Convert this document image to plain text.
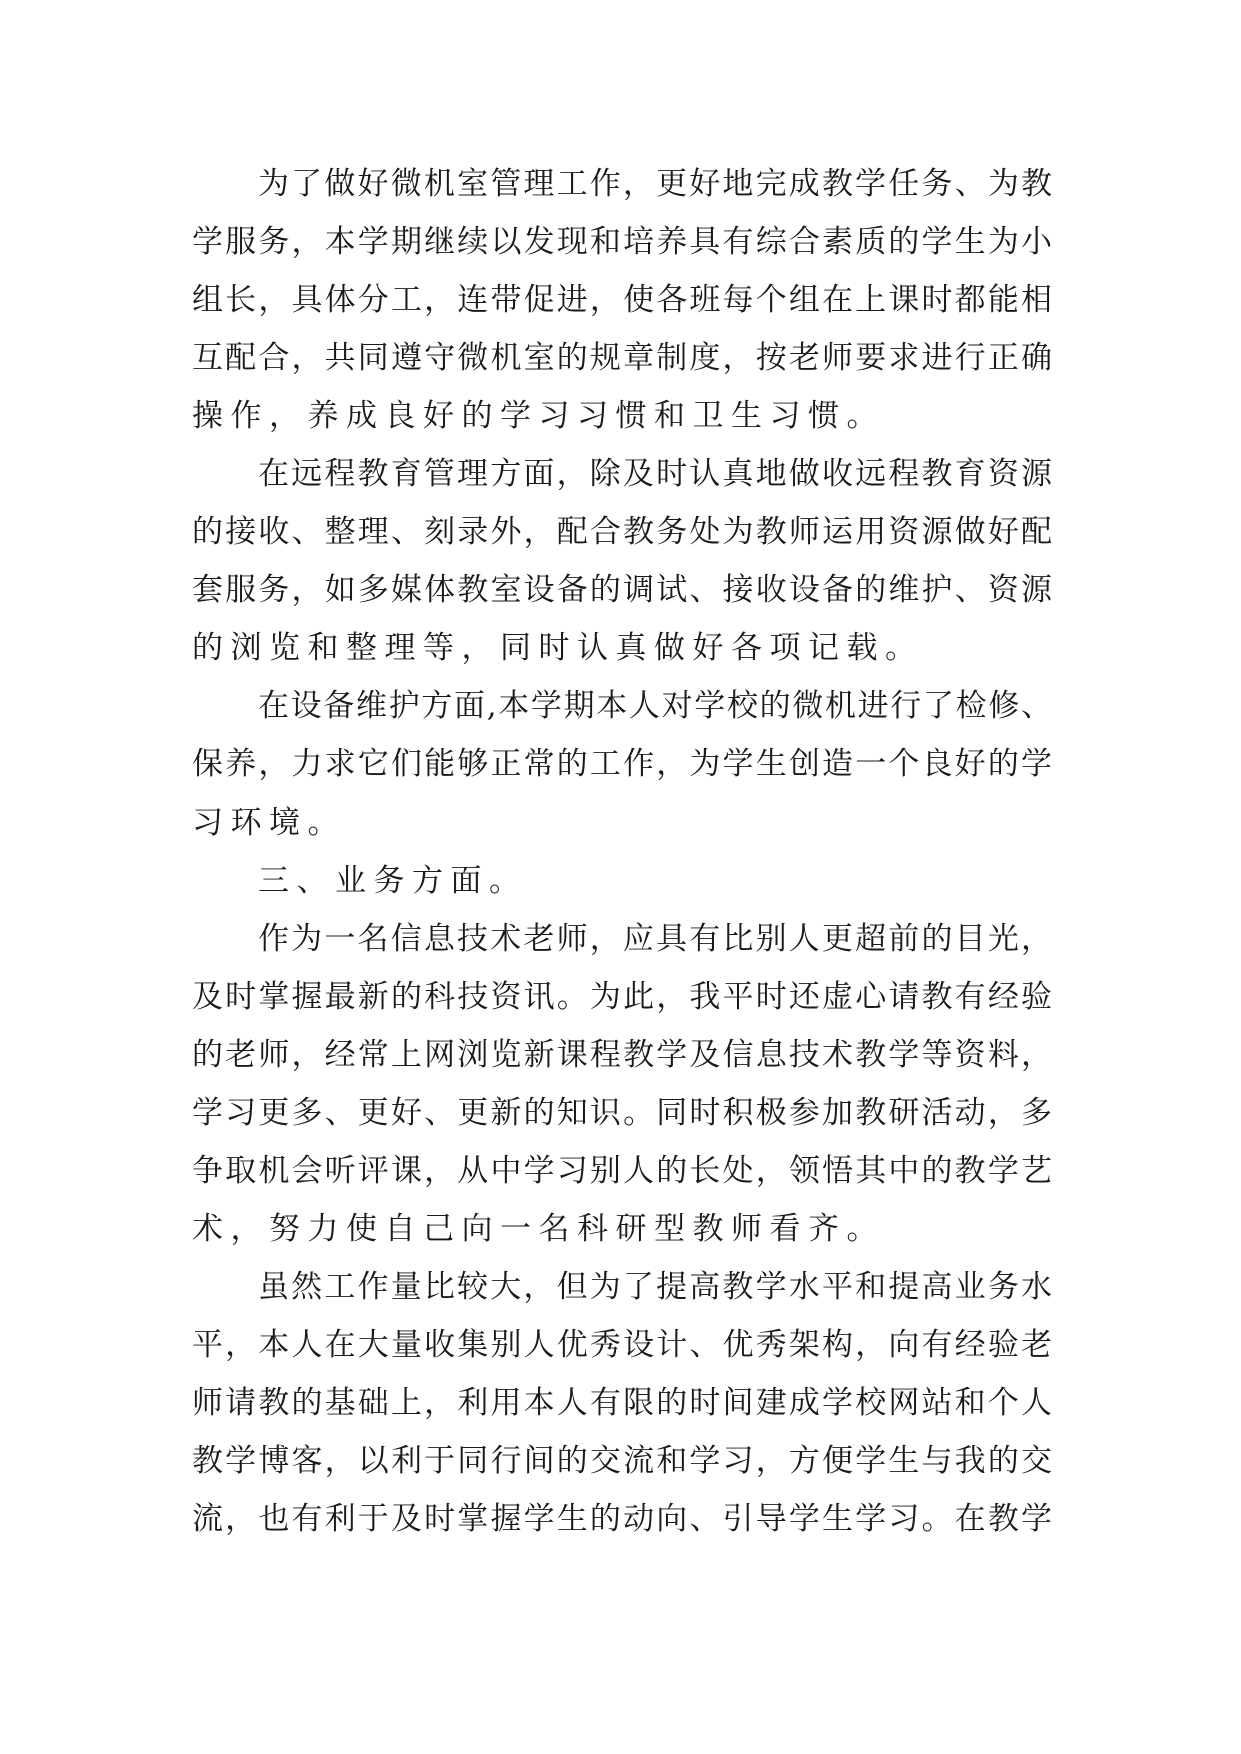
为了做好微机室管理工作，更好地完成教学任务、为教
学服务，本学期继续以发现和培养具有综合素质的学生为小
组长，具体分工，连带促进，使各班每个组在上课时都能相
互配合，共同遵守微机室的规章制度，按老师要求进行正确
操作，养成良好的学习习惯和卫生习惯。
在远程教育管理方面，除及时认真地做收远程教育资源
的接收、整理、刻录外，配合教务处为教师运用资源做好配
套服务，如多媒体教室设备的调试、接收设备的维护、资源
的浏览和整理等，同时认真做好各项记载。
在设备维护方面,本学期本人对学校的微机进行了检修、
保养，力求它们能够正常的工作，为学生创造一个良好的学
习环境。
三、业务方面。
作为一名信息技术老师，应具有比别人更超前的目光，
及时掌握最新的科技资讯。为此，我平时还虚心请教有经验
的老师，经常上网浏览新课程教学及信息技术教学等资料，
学习更多、更好、更新的知识。同时积极参加教研活动，多
争取机会听评课，从中学习别人的长处，领悟其中的教学艺
术，努力使自己向一名科研型教师看齐。
虽然工作量比较大，但为了提高教学水平和提高业务水
平，本人在大量收集别人优秀设计、优秀架构，向有经验老
师请教的基础上，利用本人有限的时间建成学校网站和个人
教学博客，以利于同行间的交流和学习，方便学生与我的交
流，也有利于及时掌握学生的动向、引导学生学习。在教学
